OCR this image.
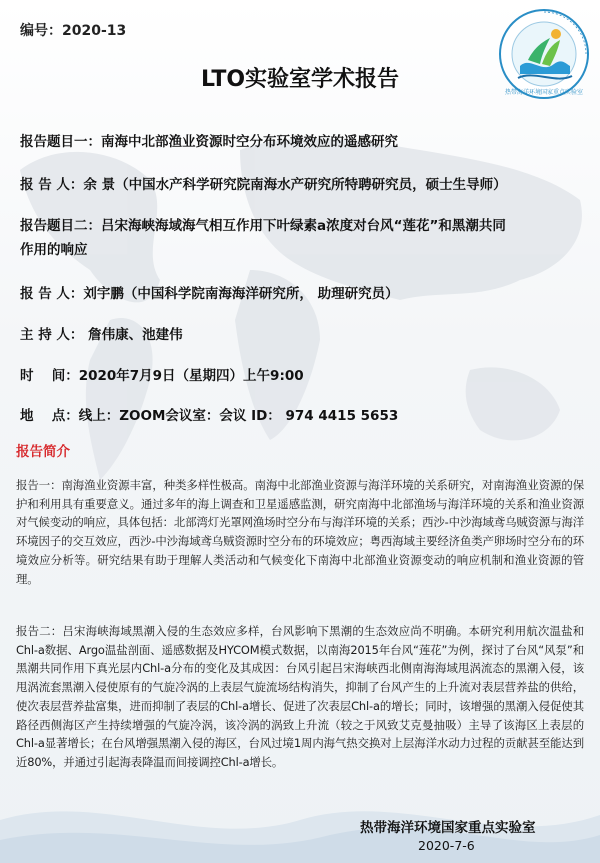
编号：2020-13
热带海洋环境国家重点实验室
LTO实验室学术报告
报告题目一：南海中北部渔业资源时空分布环境效应的遥感研究
报 告 人：余 景（中国水产科学研究院南海水产研究所特聘研究员，硕士生导师）
报告题目二：吕宋海峡海域海气相互作用下叶绿素a浓度对台风“莲花”和黑潮共同
作用的响应
报 告 人：刘宇鹏（中国科学院南海海洋研究所， 助理研究员）
主 持 人： 詹伟康、池建伟
时　 间：2020年7月9日（星期四）上午9:00
地　 点：线上：ZOOM会议室：会议 ID： 974 4415 5653
报告简介
报告一：南海渔业资源丰富，种类多样性极高。南海中北部渔业资源与海洋环境的关系研究，对南海渔业资源的保护和利用具有重要意义。通过多年的海上调查和卫星遥感监测，研究南海中北部渔场与海洋环境的关系和渔业资源对气候变动的响应，具体包括：北部湾灯光罩网渔场时空分布与海洋环境的关系；西沙-中沙海域鸢乌贼资源与海洋环境因子的交互效应，西沙-中沙海域鸢乌贼资源时空分布的环境效应；粤西海域主要经济鱼类产卵场时空分布的环境效应分析等。研究结果有助于理解人类活动和气候变化下南海中北部渔业资源变动的响应机制和渔业资源的管理。
报告二：吕宋海峡海域黑潮入侵的生态效应多样，台风影响下黑潮的生态效应尚不明确。本研究利用航次温盐和Chl-a数据、Argo温盐剖面、遥感数据及HYCOM模式数据，以南海2015年台风“莲花”为例，探讨了台风“风泵”和黑潮共同作用下真光层内Chl-a分布的变化及其成因：台风引起吕宋海峡西北侧南海海域甩涡流态的黑潮入侵，该甩涡流套黑潮入侵使原有的气旋冷涡的上表层气旋流场结构消失，抑制了台风产生的上升流对表层营养盐的供给，使次表层营养盐富集，进而抑制了表层的Chl-a增长、促进了次表层Chl-a的增长；同时，该增强的黑潮入侵促使其路径西侧海区产生持续增强的气旋冷涡，该冷涡的涡致上升流（较之于风致艾克曼抽吸）主导了该海区上表层的Chl-a显著增长；在台风增强黑潮入侵的海区，台风过境1周内海气热交换对上层海洋水动力过程的贡献甚至能达到近80%，并通过引起海表降温而间接调控Chl-a增长。
热带海洋环境国家重点实验室
2020-7-6
